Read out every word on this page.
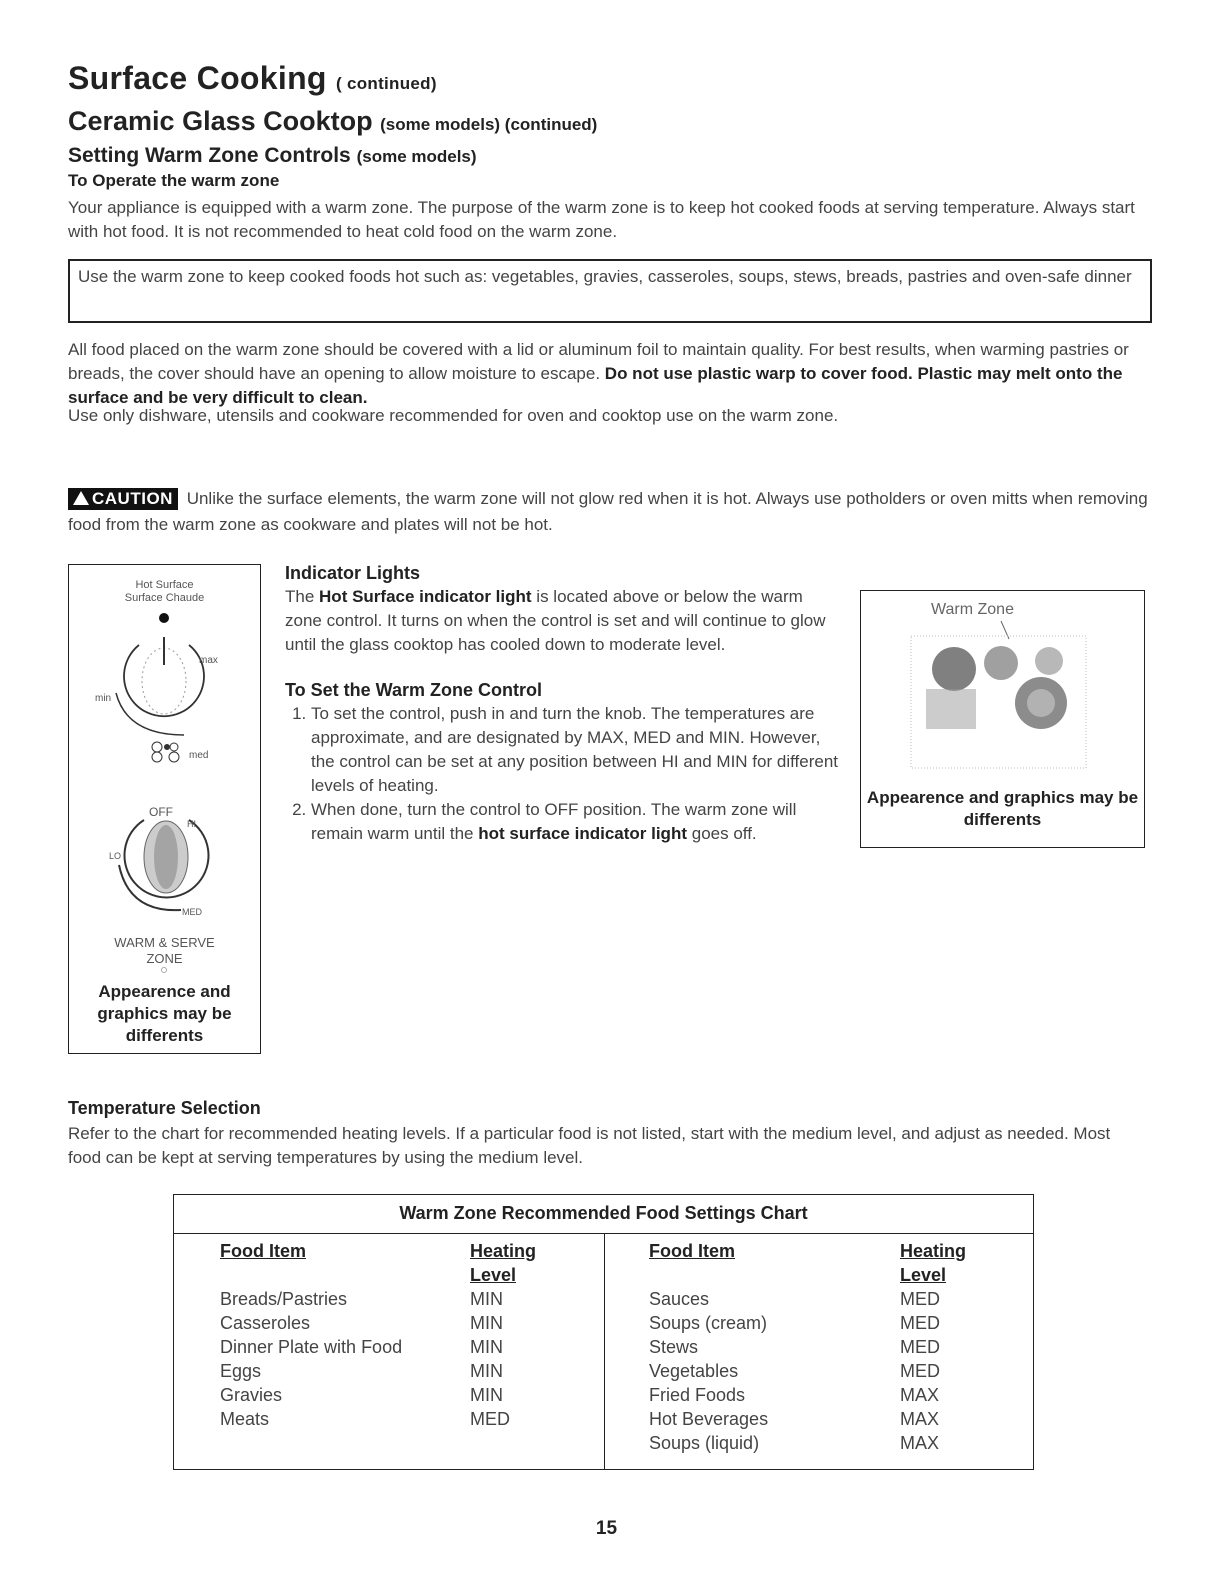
Surface Cooking ( continued)
Ceramic Glass Cooktop (some models) (continued)
Setting Warm Zone Controls (some models)
To Operate the warm zone
Your appliance is equipped with a warm zone. The purpose of the warm zone is to keep hot cooked foods at serving temperature. Always start with hot food. It is not recommended to heat cold food on the warm zone.
Use the warm zone to keep cooked foods hot such as: vegetables, gravies, casseroles, soups, stews, breads, pastries and oven-safe dinner
All food placed on the warm zone should be covered with a lid or aluminum foil to maintain quality. For best results, when warming pastries or breads, the cover should have an opening to allow moisture to escape. Do not use plastic warp to cover food. Plastic may melt onto the surface and be very difficult to clean.
Use only dishware, utensils and cookware recommended for oven and cooktop use on the warm zone.
CAUTION Unlike the surface elements, the warm zone will not glow red when it is hot. Always use potholders or oven mitts when removing food from the warm zone as cookware and plates will not be hot.
Hot Surface
Surface Chaude
max
min
med
OFF
HI
LO
MED
WARM & SERVE
ZONE
Appearence and graphics may be differents
Indicator Lights
The Hot Surface indicator light is located above or below the warm zone control. It turns on when the control is set and will continue to glow until the glass cooktop has cooled down to moderate level.
To Set the Warm Zone Control
1. To set the control, push in and turn the knob. The temperatures are approximate, and are designated by MAX, MED and MIN. However, the control can be set at any position between HI and MIN for different levels of heating.
2. When done, turn the control to OFF position. The warm zone will remain warm until the hot surface indicator light goes off.
Warm Zone
Appearence and graphics may be differents
Temperature Selection
Refer to the chart for recommended heating levels. If a particular food is not listed, start with the medium level, and adjust as needed. Most food can be kept at serving temperatures by using the medium level.
Warm Zone Recommended Food Settings Chart
Food Item
Breads/Pastries
Casseroles
Dinner Plate with Food
Eggs
Gravies
Meats
Heating
Level
MIN
MIN
MIN
MIN
MIN
MED
Food Item
Sauces
Soups (cream)
Stews
Vegetables
Fried Foods
Hot Beverages
Soups (liquid)
Heating
Level
MED
MED
MED
MED
MAX
MAX
MAX
15
